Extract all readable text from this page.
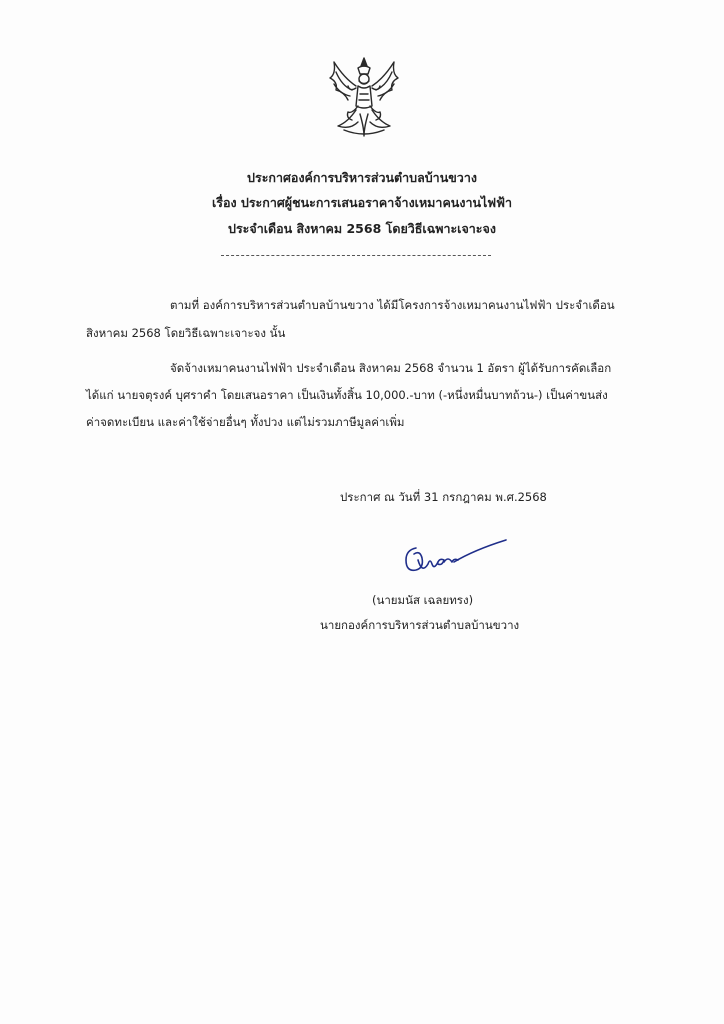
ประกาศองค์การบริหารส่วนตำบลบ้านขวาง
เรื่อง ประกาศผู้ชนะการเสนอราคาจ้างเหมาคนงานไฟฟ้า
ประจำเดือน สิงหาคม 2568 โดยวิธีเฉพาะเจาะจง
ตามที่ องค์การบริหารส่วนตำบลบ้านขวาง ได้มีโครงการจ้างเหมาคนงานไฟฟ้า ประจำเดือน
สิงหาคม 2568 โดยวิธีเฉพาะเจาะจง นั้น
จัดจ้างเหมาคนงานไฟฟ้า ประจำเดือน สิงหาคม 2568 จำนวน 1 อัตรา ผู้ได้รับการคัดเลือก
ได้แก่ นายจตุรงค์ บุศราคำ โดยเสนอราคา เป็นเงินทั้งสิ้น 10,000.-บาท (-หนึ่งหมื่นบาทถ้วน-) เป็นค่าขนส่ง
ค่าจดทะเบียน และค่าใช้จ่ายอื่นๆ ทั้งปวง แต่ไม่รวมภาษีมูลค่าเพิ่ม
ประกาศ ณ วันที่ 31 กรกฎาคม พ.ศ.2568
(นายมนัส เฉลยทรง)
นายกองค์การบริหารส่วนตำบลบ้านขวาง
